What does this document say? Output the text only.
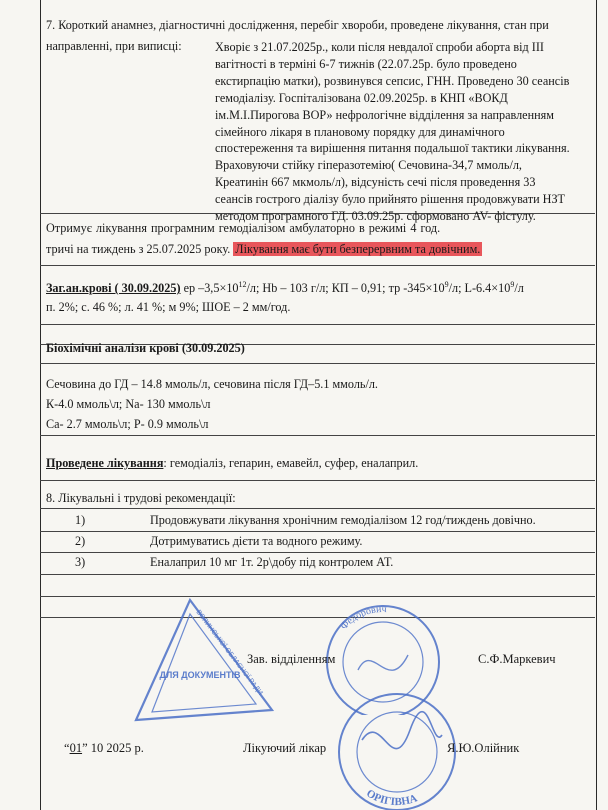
7. Короткий анамнез, діагностичні дослідження, перебіг хвороби, проведене лікування, стан при
направленні, при виписці:	Хворіє з 21.07.2025р., коли після невдалої спроби аборта від ІІІ
вагітності в терміні 6-7 тижнів (22.07.25р. було проведено
екстирпацію матки), розвинувся сепсис, ГНН. Проведено 30 сеансів
гемодіалізу. Госпіталізована 02.09.2025р. в КНП «ВОКД
ім.М.І.Пирогова ВОР» нефрологічне відділення за направленням
сімейного лікаря в плановому порядку для динамічного
спостереження та вирішення питання подальшої тактики лікування.
Враховуючи стійку гіперазотемію( Сечовина-34,7 ммоль/л,
Креатинін 667 мкмоль/л), відсуність сечі після проведення 33
сеансів гострого діалізу було прийнято рішення продовжувати НЗТ
методом програмного ГД. 03.09.25р. сформовано AV- фістулу.
Отримує лікування програмним гемодіалізом амбулаторно в режимі 4 год.
тричі на тиждень з 25.07.2025 року. Лікування має бути безперервним та довічним.
Заг.ан.крові ( 30.09.2025) ер $-3,5\times 10^{12}/л$; Hb – 103 г/л; КП – 0,91; тр $-345\times 10^9/л$; $L-6.4\times 10^9/л$
п. 2%; с. 46 %; л. 41 %; м 9%; ШОЕ – 2 мм/год.
Біохімічні аналізи крові (30.09.2025)
Сечовина до ГД – 14.8 ммоль/л, сечовина після ГД–5.1 ммоль/л.
К-4.0 ммоль\л; Na- 130 ммоль\л
Са- 2.7 ммоль\л; Р- 0.9 ммоль\л
Проведене лікування: гемодіаліз, гепарин, емавейл, суфер, еналаприл.
8. Лікувальні і трудові рекомендації:
1)	Продовжувати лікування хронічним гемодіалізом 12 год/тиждень довічно.
2)	Дотримуватись дієти та водного режиму.
3)	Еналаприл 10 мг 1т. 2р\добу під контролем АТ.
ВОЛИНСЬКОЇ ОБЛАСНОЇ РАДИ
ДЛЯ ДОКУМЕНТІВ
Федорович
ОРІГІВНА
Зав. відділенням	С.Ф.Маркевич
“01” 10 2025 р.	Лікуючий лікар	Я.Ю.Олійник
